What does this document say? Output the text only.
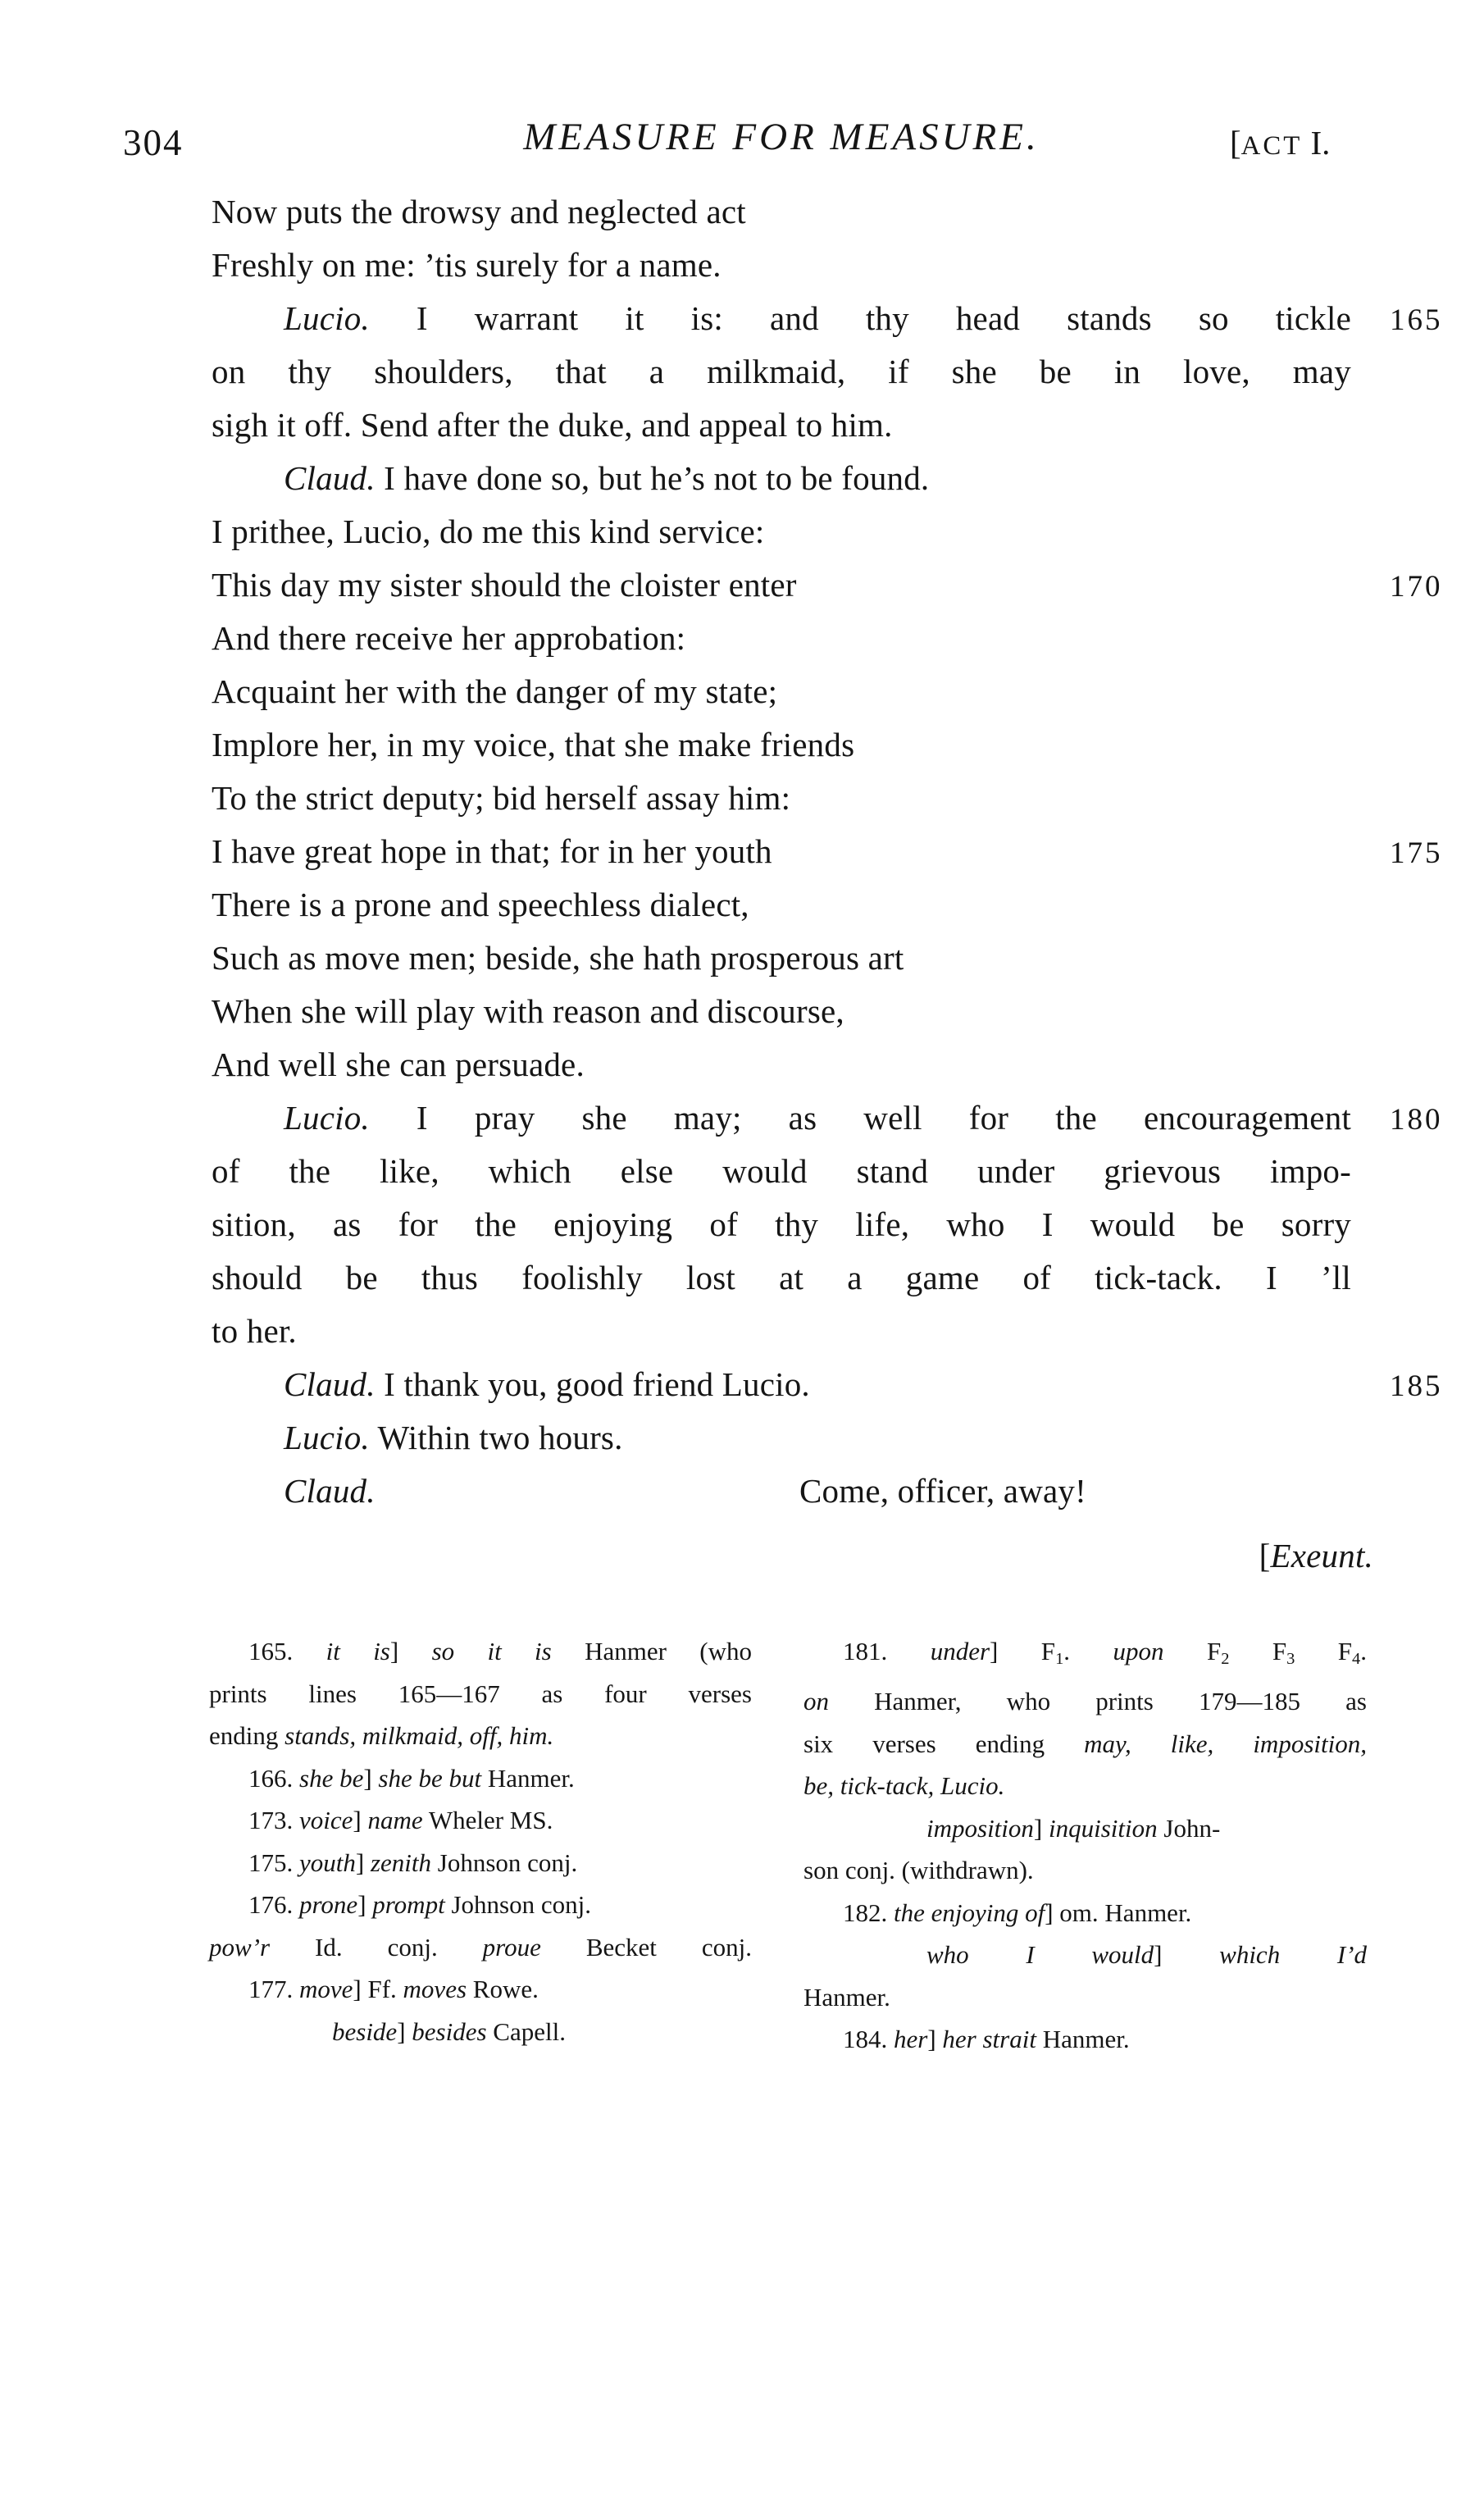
304	MEASURE FOR MEASURE.	[ACT I.
Now puts the drowsy and neglected act
Freshly on me: ’tis surely for a name.
Lucio. I warrant it is: and thy head stands so tickle 165
on thy shoulders, that a milkmaid, if she be in love, may
sigh it off. Send after the duke, and appeal to him.
Claud. I have done so, but he’s not to be found.
I prithee, Lucio, do me this kind service:
This day my sister should the cloister enter	170
And there receive her approbation:
Acquaint her with the danger of my state;
Implore her, in my voice, that she make friends
To the strict deputy; bid herself assay him:
I have great hope in that; for in her youth	175
There is a prone and speechless dialect,
Such as move men; beside, she hath prosperous art
When she will play with reason and discourse,
And well she can persuade.
Lucio. I pray she may; as well for the encouragement 180
of the like, which else would stand under grievous impo-
sition, as for the enjoying of thy life, who I would be sorry
should be thus foolishly lost at a game of tick-tack. I ’ll
to her.
Claud. I thank you, good friend Lucio.	185
Lucio. Within two hours.
Claud.	Come, officer, away!
[Exeunt.
165. it is] so it is Hanmer (who
prints lines 165—167 as four verses
ending stands, milkmaid, off, him.
166. she be] she be but Hanmer.
173. voice] name Wheler MS.
175. youth] zenith Johnson conj.
176. prone] prompt Johnson conj.
pow’r Id. conj. proue Becket conj.
177. move] Ff. moves Rowe.
beside] besides Capell.
181. under] F1. upon F2 F3 F4.
on Hanmer, who prints 179—185 as
six verses ending may, like, imposition,
be, tick-tack, Lucio.
imposition] inquisition John-
son conj. (withdrawn).
182. the enjoying of] om. Hanmer.
who I would] which I’d
Hanmer.
184. her] her strait Hanmer.
